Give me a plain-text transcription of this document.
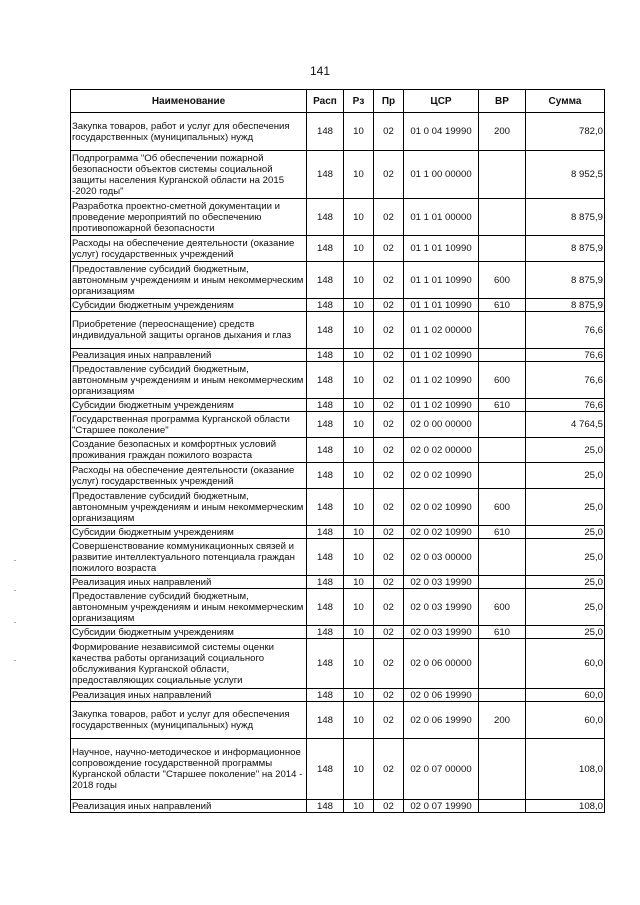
141
Наименование	Расп	Рз	Пр	ЦСР	ВР	Сумма
Закупка товаров, работ и услуг для обеспечения государственных (муниципальных) нужд	148	10	02	01 0 04 19990	200	782,0
Подпрограмма "Об обеспечении пожарной безопасности объектов системы социальной защиты населения Курганской области на 2015 -2020 годы"	148	10	02	01 1 00 00000		8 952,5
Разработка проектно-сметной документации и проведение мероприятий по обеспечению противопожарной безопасности	148	10	02	01 1 01 00000		8 875,9
Расходы на обеспечение деятельности (оказание услуг) государственных учреждений	148	10	02	01 1 01 10990		8 875,9
Предоставление субсидий бюджетным, автономным учреждениям и иным некоммерческим организациям	148	10	02	01 1 01 10990	600	8 875,9
Субсидии бюджетным учреждениям	148	10	02	01 1 01 10990	610	8 875,9
Приобретение (переоснащение) средств индивидуальной защиты органов дыхания и глаз	148	10	02	01 1 02 00000		76,6
Реализация иных направлений	148	10	02	01 1 02 10990		76,6
Предоставление субсидий бюджетным, автономным учреждениям и иным некоммерческим организациям	148	10	02	01 1 02 10990	600	76,6
Субсидии бюджетным учреждениям	148	10	02	01 1 02 10990	610	76,6
Государственная программа Курганской области "Старшее поколение"	148	10	02	02 0 00 00000		4 764,5
Создание безопасных и комфортных условий проживания граждан пожилого возраста	148	10	02	02 0 02 00000		25,0
Расходы на обеспечение деятельности (оказание услуг) государственных учреждений	148	10	02	02 0 02 10990		25,0
Предоставление субсидий бюджетным, автономным учреждениям и иным некоммерческим организациям	148	10	02	02 0 02 10990	600	25,0
Субсидии бюджетным учреждениям	148	10	02	02 0 02 10990	610	25,0
Совершенствование коммуникационных связей и развитие интеллектуального потенциала граждан пожилого возраста	148	10	02	02 0 03 00000		25,0
Реализация иных направлений	148	10	02	02 0 03 19990		25,0
Предоставление субсидий бюджетным, автономным учреждениям и иным некоммерческим организациям	148	10	02	02 0 03 19990	600	25,0
Субсидии бюджетным учреждениям	148	10	02	02 0 03 19990	610	25,0
Формирование независимой системы оценки качества работы организаций социального обслуживания Курганской области, предоставляющих социальные услуги	148	10	02	02 0 06 00000		60,0
Реализация иных направлений	148	10	02	02 0 06 19990		60,0
Закупка товаров, работ и услуг для обеспечения государственных (муниципальных) нужд	148	10	02	02 0 06 19990	200	60,0
Научное, научно-методическое и информационное сопровождение государственной программы Курганской области "Старшее поколение" на 2014 - 2018 годы	148	10	02	02 0 07 00000		108,0
Реализация иных направлений	148	10	02	02 0 07 19990		108,0
